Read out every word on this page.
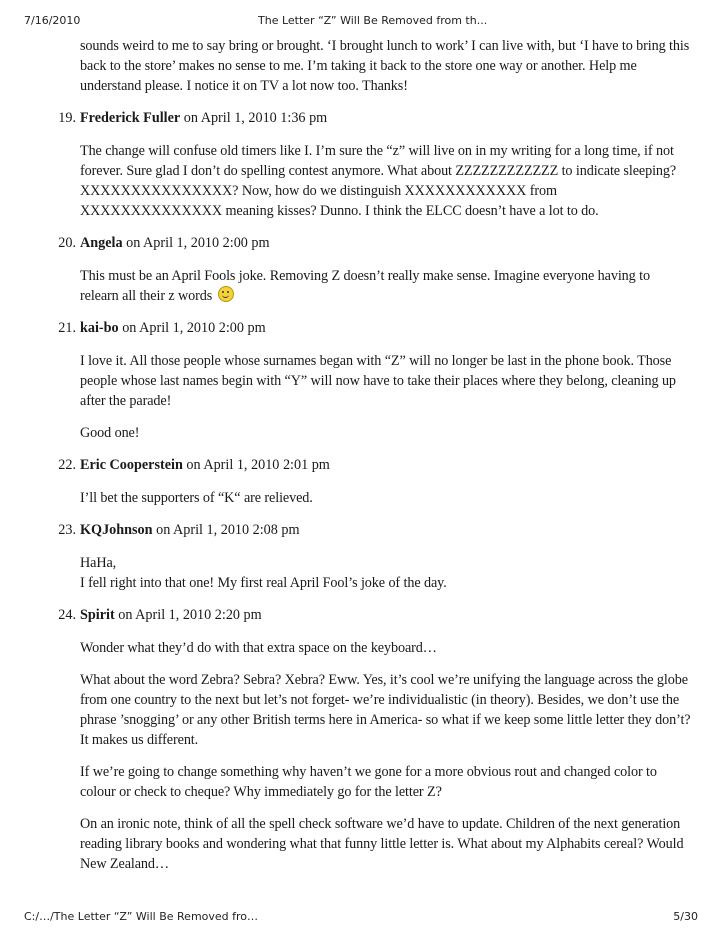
7/16/2010	The Letter “Z” Will Be Removed from th...

sounds weird to me to say bring or brought. ‘I brought lunch to work’ I can live with, but ‘I have to bring this back to the store’ makes no sense to me. I’m taking it back to the store one way or another. Help me understand please. I notice it on TV a lot now too. Thanks!

19. Frederick Fuller on April 1, 2010 1:36 pm

The change will confuse old timers like I. I’m sure the “z” will live on in my writing for a long time, if not forever. Sure glad I don’t do spelling contest anymore. What about ZZZZZZZZZZZZ to indicate sleeping? XXXXXXXXXXXXXXX? Now, how do we distinguish XXXXXXXXXXXX from XXXXXXXXXXXXXX meaning kisses? Dunno. I think the ELCC doesn’t have a lot to do.

20. Angela on April 1, 2010 2:00 pm

This must be an April Fools joke. Removing Z doesn’t really make sense. Imagine everyone having to relearn all their z words

21. kai-bo on April 1, 2010 2:00 pm

I love it. All those people whose surnames began with “Z” will no longer be last in the phone book. Those people whose last names begin with “Y” will now have to take their places where they belong, cleaning up after the parade!

Good one!

22. Eric Cooperstein on April 1, 2010 2:01 pm

I’ll bet the supporters of “K“ are relieved.

23. KQJohnson on April 1, 2010 2:08 pm

HaHa,
I fell right into that one! My first real April Fool’s joke of the day.

24. Spirit on April 1, 2010 2:20 pm

Wonder what they’d do with that extra space on the keyboard…

What about the word Zebra? Sebra? Xebra? Eww. Yes, it’s cool we’re unifying the language across the globe from one country to the next but let’s not forget- we’re individualistic (in theory). Besides, we don’t use the phrase ’snogging’ or any other British terms here in America- so what if we keep some little letter they don’t? It makes us different.

If we’re going to change something why haven’t we gone for a more obvious rout and changed color to colour or check to cheque? Why immediately go for the letter Z?

On an ironic note, think of all the spell check software we’d have to update. Children of the next generation reading library books and wondering what that funny little letter is. What about my Alphabits cereal? Would New Zealand…

C:/…/The Letter “Z” Will Be Removed fro…	5/30
